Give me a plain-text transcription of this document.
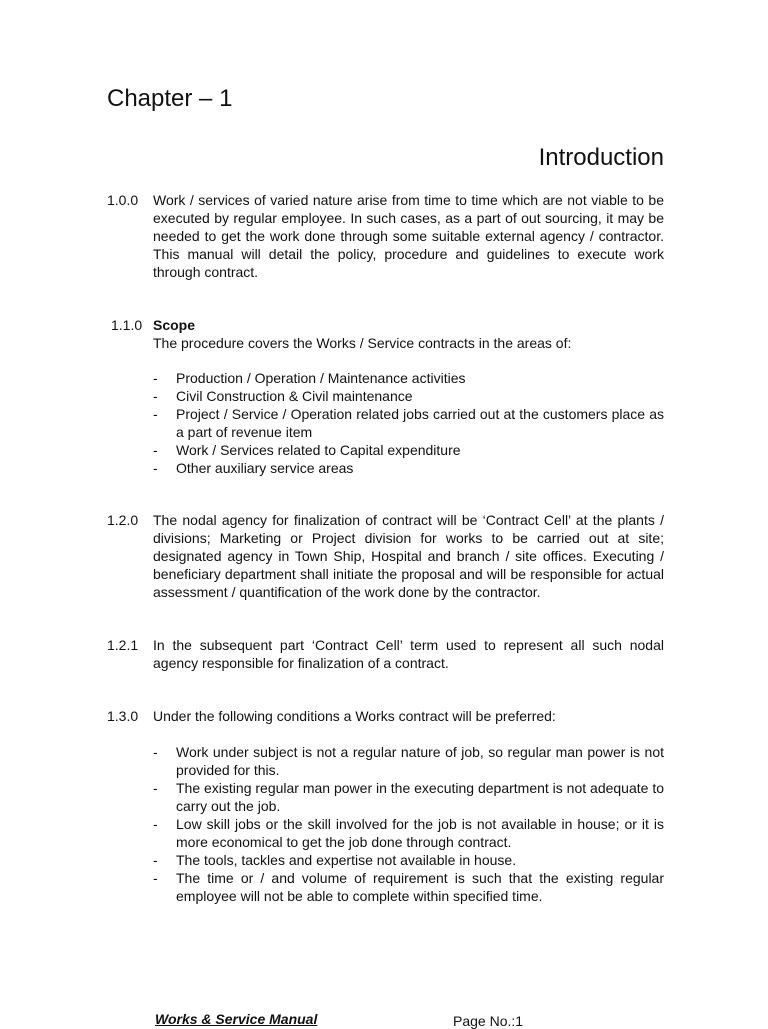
Chapter – 1
Introduction
1.0.0 Work / services of varied nature arise from time to time which are not viable to be executed by regular employee. In such cases, as a part of out sourcing, it may be needed to get the work done through some suitable external agency / contractor. This manual will detail the policy, procedure and guidelines to execute work through contract.

1.1.0 Scope

The procedure covers the Works / Service contracts in the areas of:

- Production / Operation / Maintenance activities
- Civil Construction & Civil maintenance
- Project / Service / Operation related jobs carried out at the customers place as a part of revenue item
- Work / Services related to Capital expenditure
- Other auxiliary service areas
1.2.0 The nodal agency for finalization of contract will be ‘Contract Cell’ at the plants / divisions; Marketing or Project division for works to be carried out at site; designated agency in Town Ship, Hospital and branch / site offices. Executing / beneficiary department shall initiate the proposal and will be responsible for actual assessment / quantification of the work done by the contractor.

1.2.1 In the subsequent part ‘Contract Cell’ term used to represent all such nodal agency responsible for finalization of a contract.

1.3.0 Under the following conditions a Works contract will be preferred:

- Work under subject is not a regular nature of job, so regular man power is not provided for this.
- The existing regular man power in the executing department is not adequate to carry out the job.
- Low skill jobs or the skill involved for the job is not available in house; or it is more economical to get the job done through contract.
- The tools, tackles and expertise not available in house.
- The time or / and volume of requirement is such that the existing regular employee will not be able to complete within specified time.
Works & Service Manual	Page No.:1
